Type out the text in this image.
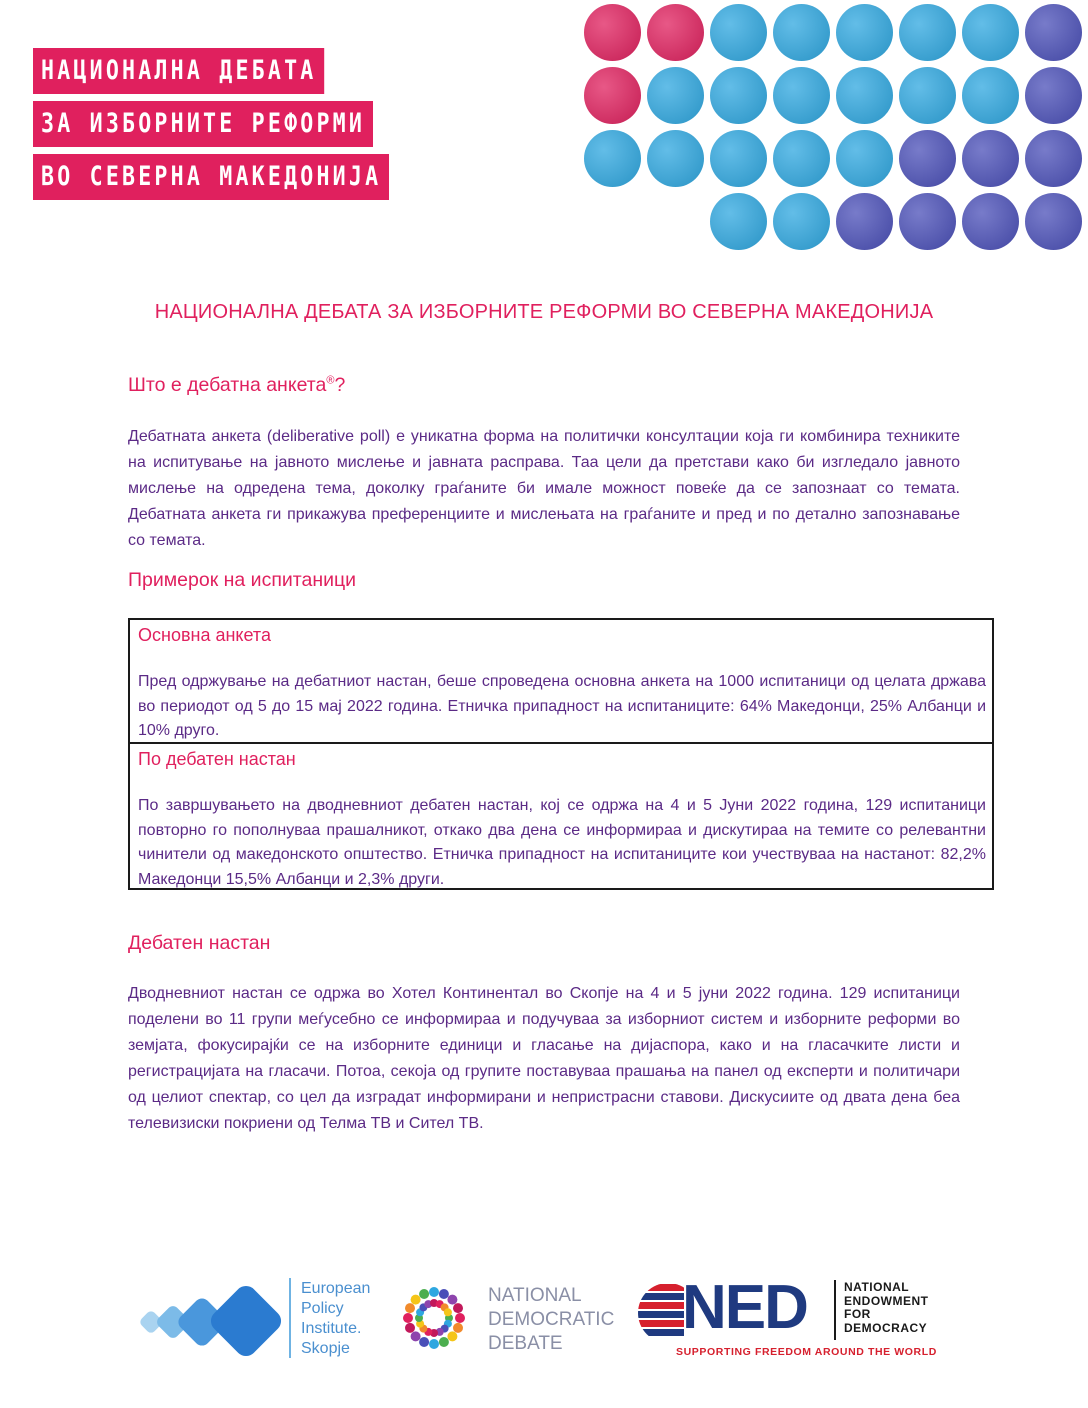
НАЦИОНАЛНА ДЕБАТА
ЗА ИЗБОРНИТЕ РЕФОРМИ
ВО СЕВЕРНА МАКЕДОНИЈА
НАЦИОНАЛНА ДЕБАТА ЗА ИЗБОРНИТЕ РЕФОРМИ ВО СЕВЕРНА МАКЕДОНИЈА
Што е дебатна анкета®?
Дебатната анкета (deliberative poll) е уникатна форма на политички консултации која ги комбинира техниките на испитување на јавното мислење и јавната расправа. Таа цели да претстави како би изгледало јавното мислење на одредена тема, доколку граѓаните би имале можност повеќе да се запознаат со темата. Дебатната анкета ги прикажува преференциите и мислењата на граѓаните и пред и по детално запознавање со темата.
Примерок на испитаници
Основна анкета
Пред одржување на дебатниот настан, беше спроведена основна анкета на 1000 испитаници од целата држава во периодот од 5 до 15 мај 2022 година. Етничка припадност на испитаниците: 64% Македонци, 25% Албанци и 10% друго.
По дебатен настан
По завршувањето на дводневниот дебатен настан, кој се одржа на 4 и 5 Јуни 2022 година, 129 испитаници повторно го пополнуваа прашалникот, откако два дена се информираа и дискутираа на темите со релевантни чинители од македонското општество. Етничка припадност на испитаниците кои учествуваа на настанот: 82,2% Македонци 15,5% Албанци и 2,3% други.
Дебатен настан
Дводневниот настан се одржа во Хотел Континентал во Скопје на 4 и 5 јуни 2022 година. 129 испитаници поделени во 11 групи меѓусебно се информираа и подучуваа за изборниот систем и изборните реформи во земјата, фокусирајќи се на изборните единици и гласање на дијаспора, како и на гласачките листи и регистрацијата на гласачи. Потоа, секоја од групите поставуваа прашања на панел од експерти и политичари од целиот спектар, со цел да изградат информирани и непристрасни ставови. Дискусиите од двата дена беа телевизиски покриени од Телма ТВ и Сител ТВ.
European
Policy
Institute.
Skopje
NATIONAL
DEMOCRATIC
DEBATE
NED	NATIONAL
ENDOWMENT
FOR
DEMOCRACY
SUPPORTING FREEDOM AROUND THE WORLD
